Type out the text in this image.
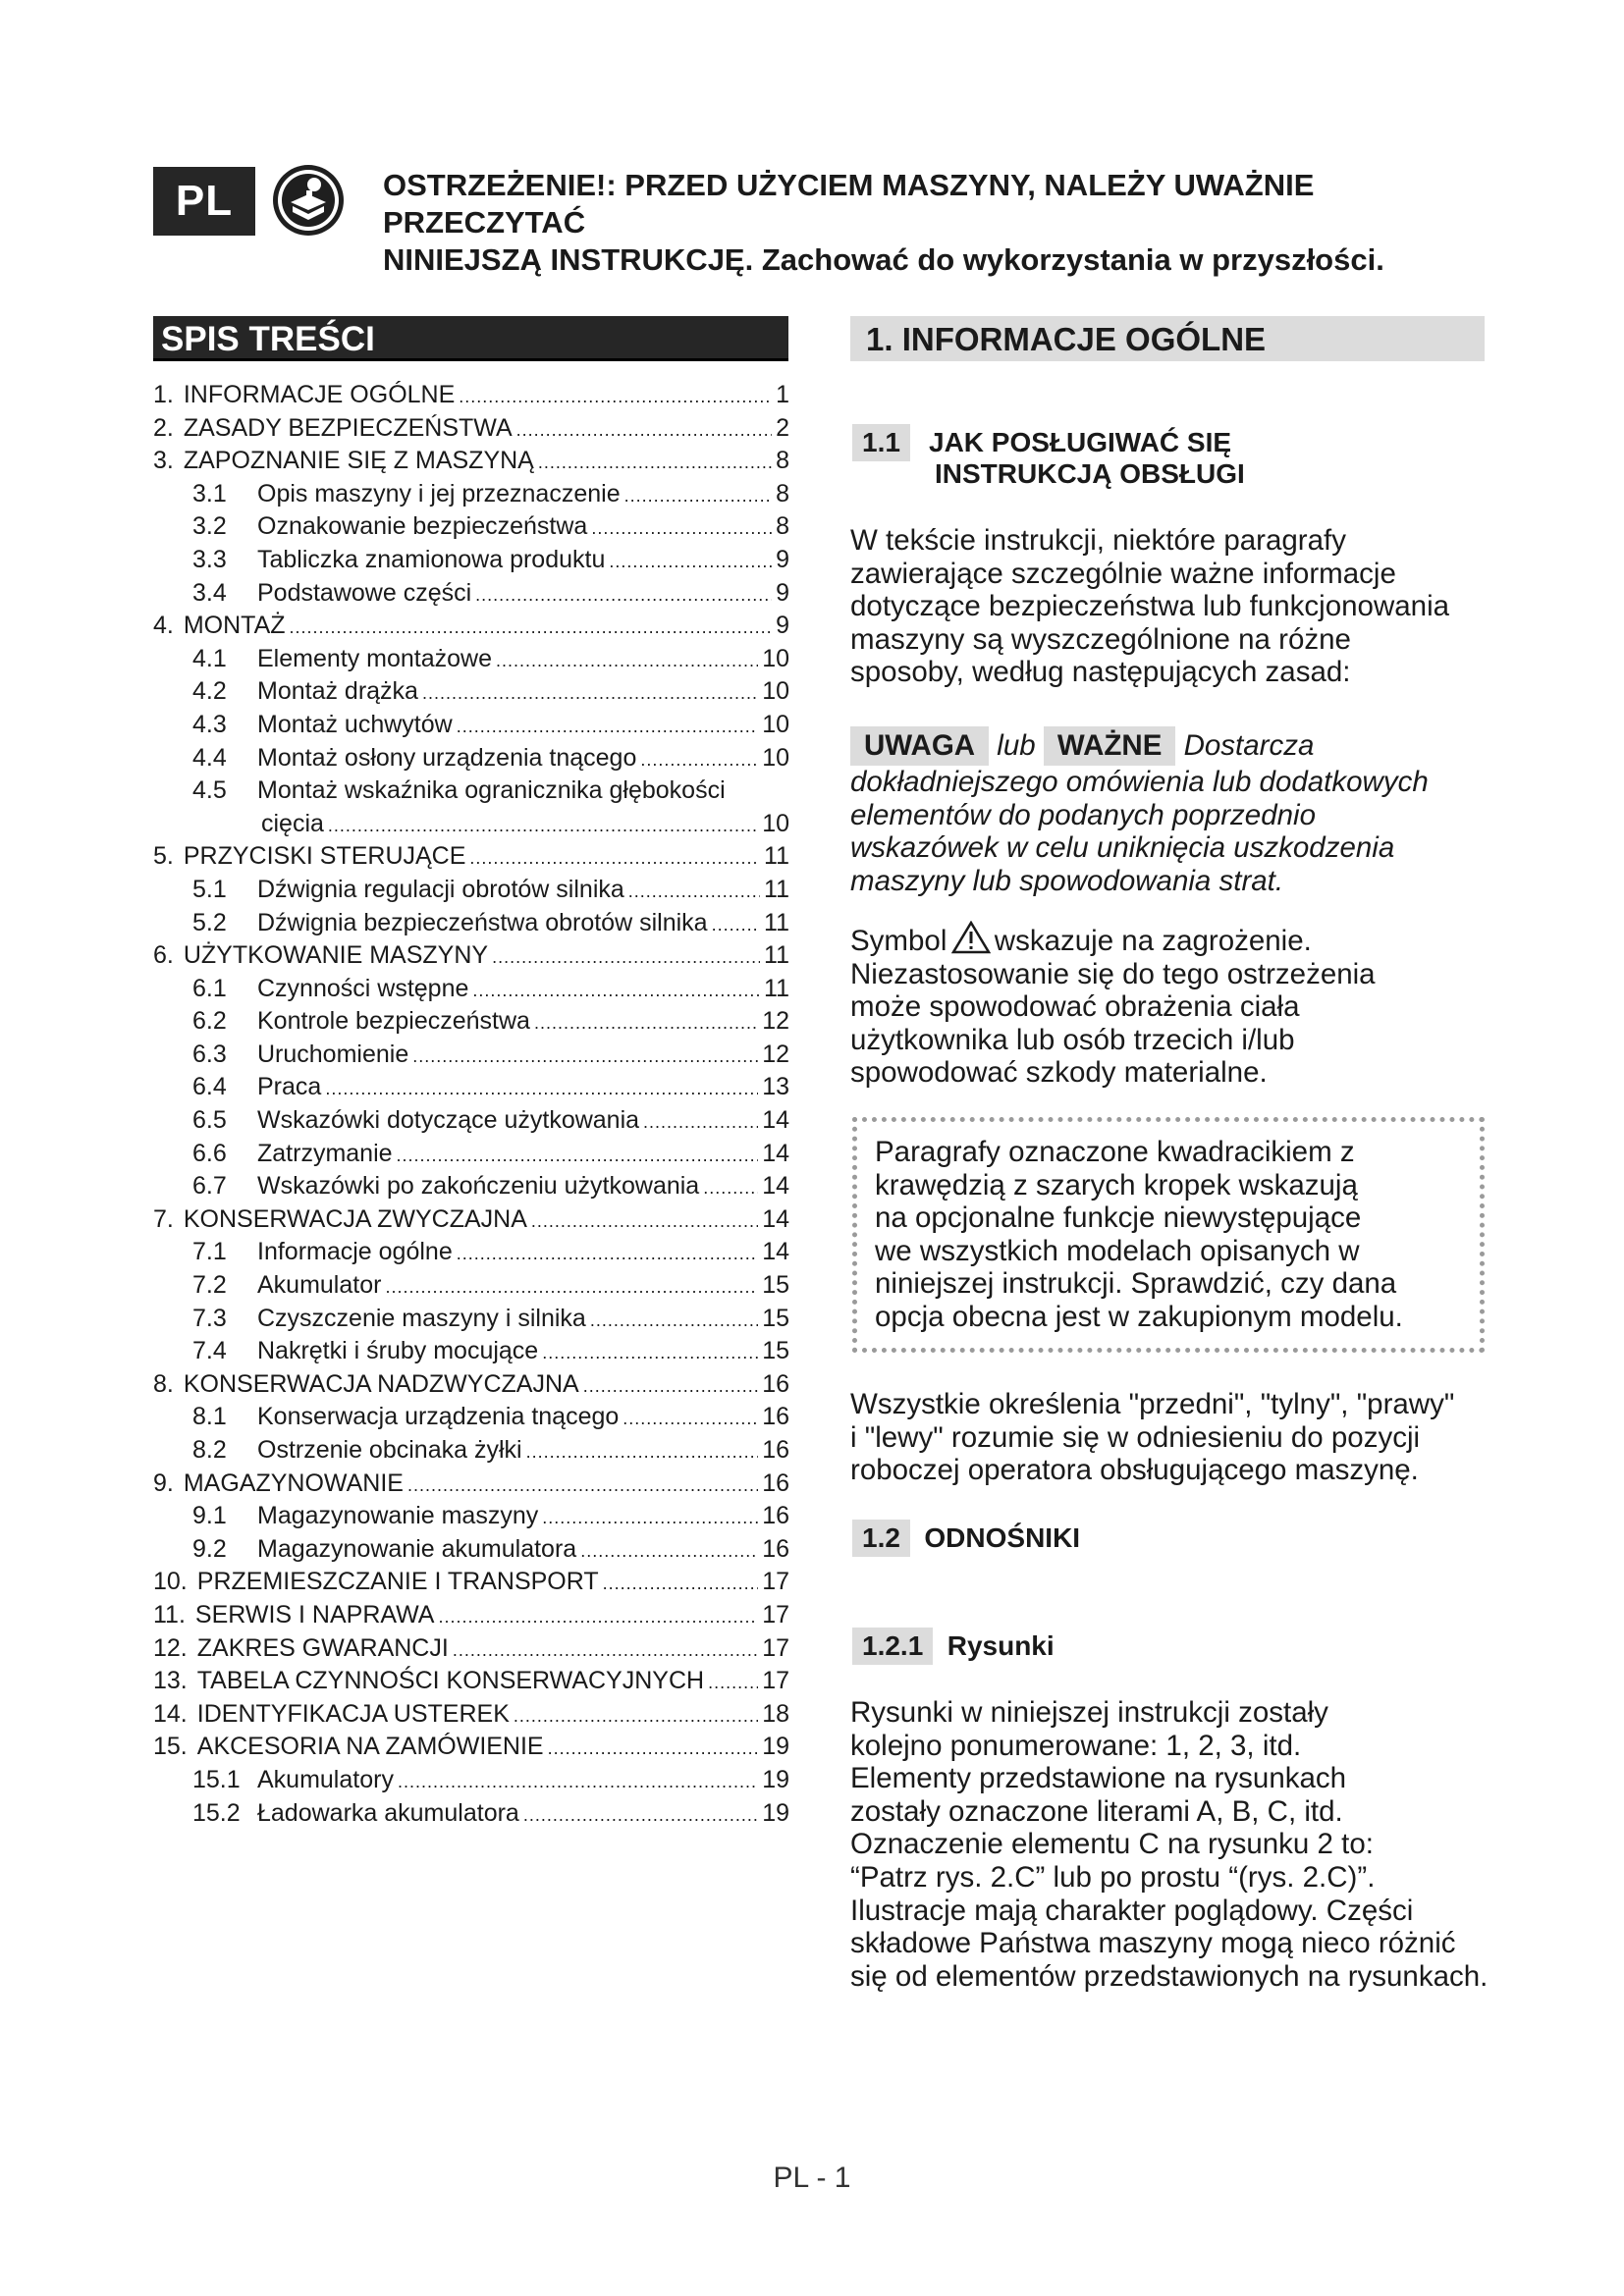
PL	OSTRZEŻENIE!: PRZED UŻYCIEM MASZYNY, NALEŻY UWAŻNIE PRZECZYTAĆ
NINIEJSZĄ INSTRUKCJĘ. Zachować do wykorzystania w przyszłości.
SPIS TREŚCI
1. INFORMACJE OGÓLNE .....	1
2. ZASADY BEZPIECZEŃSTWA .....	2
3. ZAPOZNANIE SIĘ Z MASZYNĄ .....	8
3.1 Opis maszyny i jej przeznaczenie .....	8
3.2 Oznakowanie bezpieczeństwa .....	8
3.3 Tabliczka znamionowa produktu .....	9
3.4 Podstawowe części .....	9
4. MONTAŻ .....	9
4.1 Elementy montażowe .....	10
4.2 Montaż drążka .....	10
4.3 Montaż uchwytów .....	10
4.4 Montaż osłony urządzenia tnącego .....	10
4.5 Montaż wskaźnika ogranicznika głębokości
cięcia .....	10
5. PRZYCISKI STERUJĄCE .....	11
5.1 Dźwignia regulacji obrotów silnika .....	11
5.2 Dźwignia bezpieczeństwa obrotów silnika ..... 11
6. UŻYTKOWANIE MASZYNY .....	11
6.1 Czynności wstępne .....	11
6.2 Kontrole bezpieczeństwa .....	12
6.3 Uruchomienie .....	12
6.4 Praca .....	13
6.5 Wskazówki dotyczące użytkowania .....	14
6.6 Zatrzymanie .....	14
6.7 Wskazówki po zakończeniu użytkowania .....	14
7. KONSERWACJA ZWYCZAJNA .....	14
7.1 Informacje ogólne .....	14
7.2 Akumulator .....	15
7.3 Czyszczenie maszyny i silnika .....	15
7.4 Nakrętki i śruby mocujące .....	15
8. KONSERWACJA NADZWYCZAJNA .....	16
8.1 Konserwacja urządzenia tnącego .....	16
8.2 Ostrzenie obcinaka żyłki .....	16
9. MAGAZYNOWANIE .....	16
9.1 Magazynowanie maszyny .....	16
9.2 Magazynowanie akumulatora .....	16
10. PRZEMIESZCZANIE I TRANSPORT .....	17
11. SERWIS I NAPRAWA .....	17
12. ZAKRES GWARANCJI .....	17
13. TABELA CZYNNOŚCI KONSERWACYJNYCH ..... 17
14. IDENTYFIKACJA USTEREK .....	18
15. AKCESORIA NA ZAMÓWIENIE .....	19
15.1 Akumulatory .....	19
15.2 Ładowarka akumulatora .....	19
1. INFORMACJE OGÓLNE
1.1 JAK POSŁUGIWAĆ SIĘ
INSTRUKCJĄ OBSŁUGI
W tekście instrukcji, niektóre paragrafy
zawierające szczególnie ważne informacje
dotyczące bezpieczeństwa lub funkcjonowania
maszyny są wyszczególnione na różne
sposoby, według następujących zasad:
UWAGA lub WAŻNE Dostarcza
dokładniejszego omówienia lub dodatkowych
elementów do podanych poprzednio
wskazówek w celu uniknięcia uszkodzenia
maszyny lub spowodowania strat.
Symbol wskazuje na zagrożenie.
Niezastosowanie się do tego ostrzeżenia
może spowodować obrażenia ciała
użytkownika lub osób trzecich i/lub
spowodować szkody materialne.
Paragrafy oznaczone kwadracikiem z
krawędzią z szarych kropek wskazują
na opcjonalne funkcje niewystępujące
we wszystkich modelach opisanych w
niniejszej instrukcji. Sprawdzić, czy dana
opcja obecna jest w zakupionym modelu.
Wszystkie określenia "przedni", "tylny", "prawy"
i "lewy" rozumie się w odniesieniu do pozycji
roboczej operatora obsługującego maszynę.
1.2 ODNOŚNIKI
1.2.1 Rysunki
Rysunki w niniejszej instrukcji zostały
kolejno ponumerowane: 1, 2, 3, itd.
Elementy przedstawione na rysunkach
zostały oznaczone literami A, B, C, itd.
Oznaczenie elementu C na rysunku 2 to:
“Patrz rys. 2.C” lub po prostu “(rys. 2.C)”.
Ilustracje mają charakter poglądowy. Części
składowe Państwa maszyny mogą nieco różnić
się od elementów przedstawionych na rysunkach.
PL - 1
